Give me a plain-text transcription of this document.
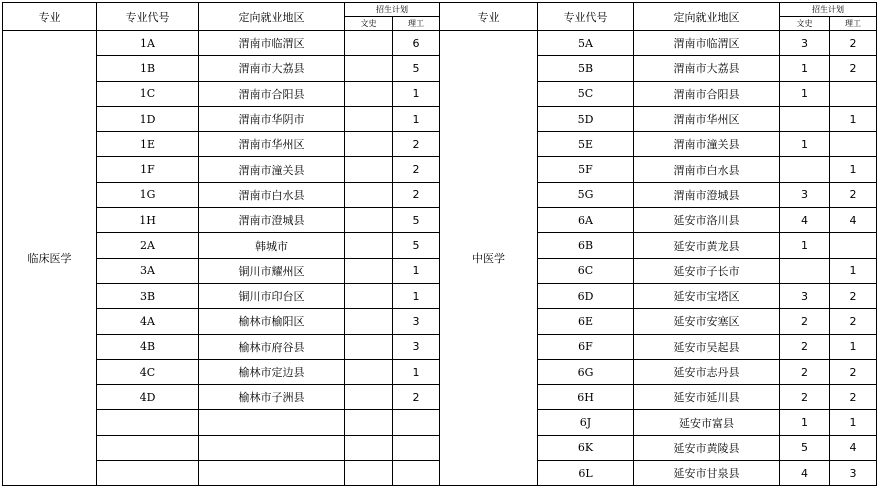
专业	专业代号	定向就业地区	招生计划	
			文史	理工
临床医学	1A	渭南市临渭区		6
	1B	渭南市大荔县		5
	1C	渭南市合阳县		1
	1D	渭南市华阴市		1
	1E	渭南市华州区		2
	1F	渭南市潼关县		2
	1G	渭南市白水县		2
	1H	渭南市澄城县		5
	2A	韩城市		5
	3A	铜川市耀州区		1
	3B	铜川市印台区		1
	4A	榆林市榆阳区		3
	4B	榆林市府谷县		3
	4C	榆林市定边县		1
	4D	榆林市子洲县		2

专业	专业代号	定向就业地区	招生计划	
			文史	理工
中医学	5A	渭南市临渭区	3	2
	5B	渭南市大荔县	1	2
	5C	渭南市合阳县	1	
	5D	渭南市华州区		1
	5E	渭南市潼关县	1	
	5F	渭南市白水县		1
	5G	渭南市澄城县	3	2
	6A	延安市洛川县	4	4
	6B	延安市黄龙县	1	
	6C	延安市子长市		1
	6D	延安市宝塔区	3	2
	6E	延安市安塞区	2	2
	6F	延安市吴起县	2	1
	6G	延安市志丹县	2	2
	6H	延安市延川县	2	2
	6J	延安市富县	1	1
	6K	延安市黄陵县	5	4
	6L	延安市甘泉县	4	3
